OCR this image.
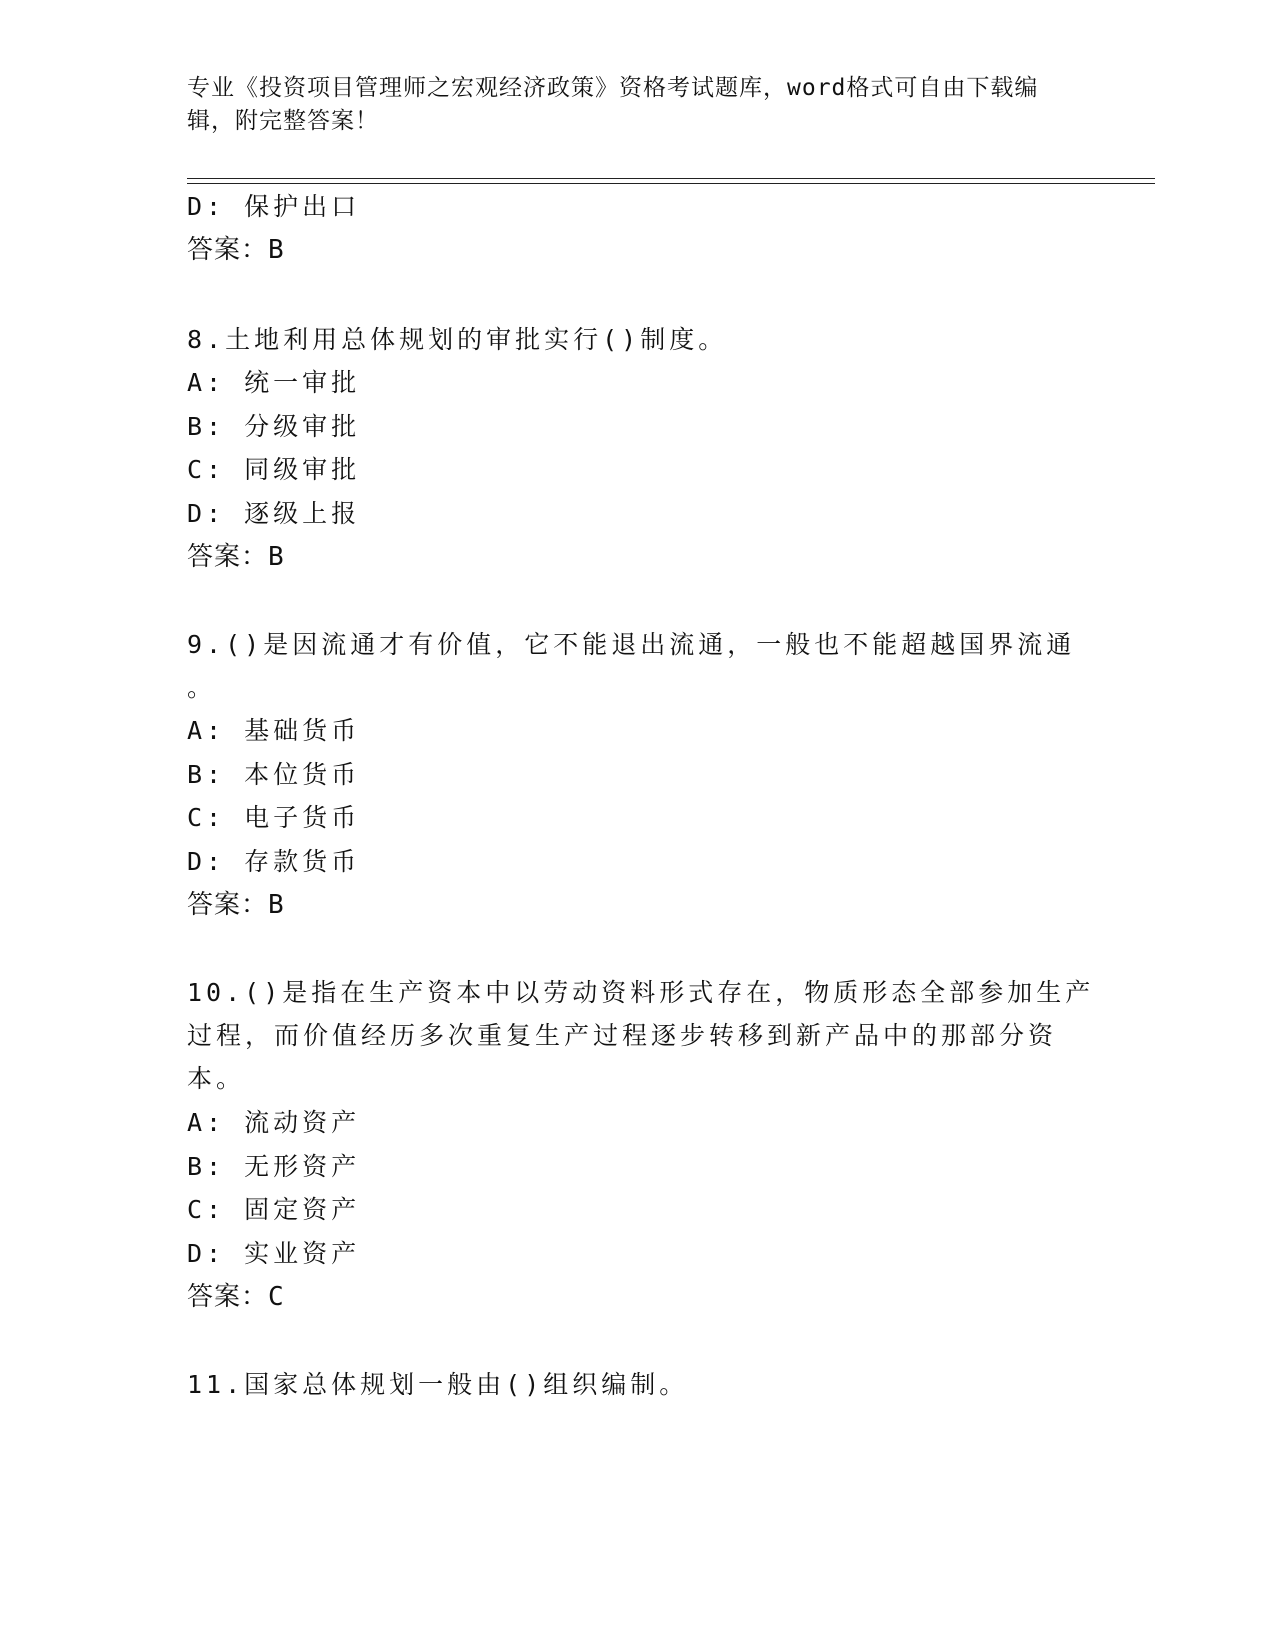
专业《投资项目管理师之宏观经济政策》资格考试题库，word格式可自由下载编
辑，附完整答案！
D: 保护出口
答案：B
8.土地利用总体规划的审批实行()制度。
A: 统一审批
B: 分级审批
C: 同级审批
D: 逐级上报
答案：B
9.()是因流通才有价值，它不能退出流通，一般也不能超越国界流通
。
A: 基础货币
B: 本位货币
C: 电子货币
D: 存款货币
答案：B
10.()是指在生产资本中以劳动资料形式存在，物质形态全部参加生产
过程，而价值经历多次重复生产过程逐步转移到新产品中的那部分资
本。
A: 流动资产
B: 无形资产
C: 固定资产
D: 实业资产
答案：C
11.国家总体规划一般由()组织编制。
